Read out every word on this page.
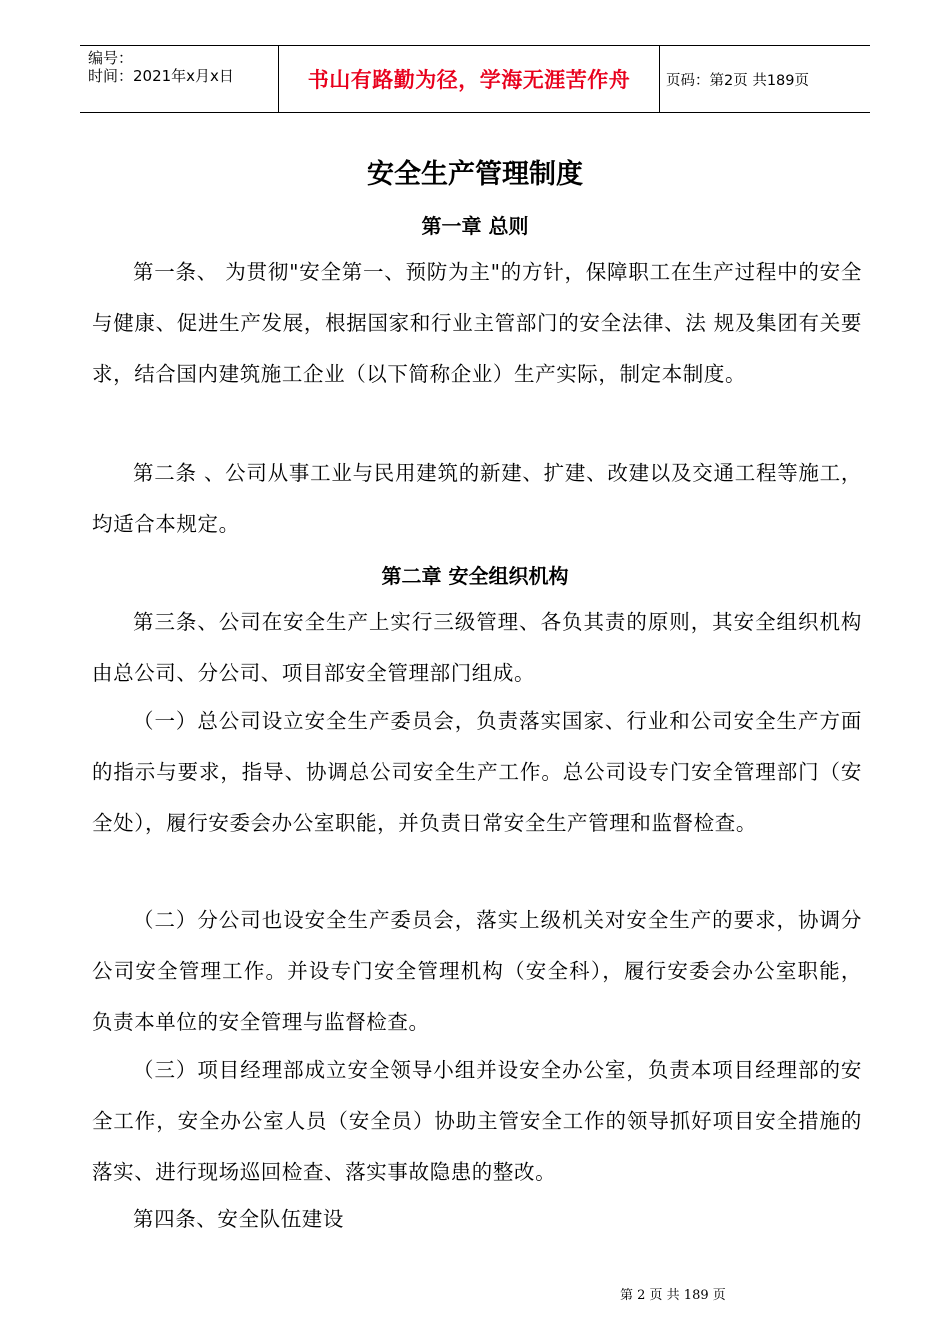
编号：
时间：2021年x月x日	书山有路勤为径，学海无涯苦作舟	页码：第2页 共189页
安全生产管理制度
第一章 总则

第一条、 为贯彻"安全第一、预防为主"的方针，保障职工在生产过程中的安全与健康、促进生产发展，根据国家和行业主管部门的安全法律、法 规及集团有关要求，结合国内建筑施工企业（以下简称企业）生产实际，制定本制度。

第二条 、公司从事工业与民用建筑的新建、扩建、改建以及交通工程等施工，均适合本规定。

第二章 安全组织机构

第三条、公司在安全生产上实行三级管理、各负其责的原则，其安全组织机构由总公司、分公司、项目部安全管理部门组成。

（一）总公司设立安全生产委员会，负责落实国家、行业和公司安全生产方面的指示与要求，指导、协调总公司安全生产工作。总公司设专门安全管理部门（安全处），履行安委会办公室职能，并负责日常安全生产管理和监督检查。

（二）分公司也设安全生产委员会，落实上级机关对安全生产的要求，协调分公司安全管理工作。并设专门安全管理机构（安全科），履行安委会办公室职能，负责本单位的安全管理与监督检查。

（三）项目经理部成立安全领导小组并设安全办公室，负责本项目经理部的安全工作，安全办公室人员（安全员）协助主管安全工作的领导抓好项目安全措施的落实、进行现场巡回检查、落实事故隐患的整改。

第四条、安全队伍建设

第 2 页 共 189 页
